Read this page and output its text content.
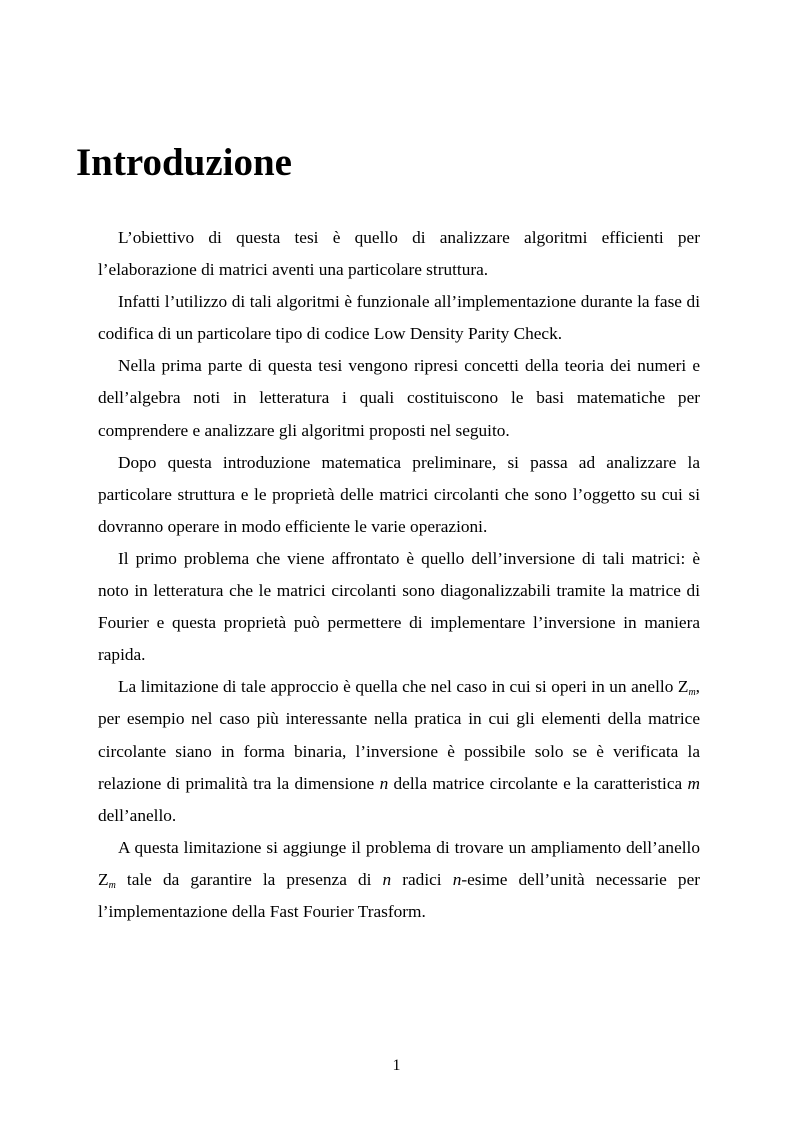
Introduzione

L’obiettivo di questa tesi è quello di analizzare algoritmi efficienti per l’elaborazione di matrici aventi una particolare struttura.

Infatti l’utilizzo di tali algoritmi è funzionale all’implementazione durante la fase di codifica di un particolare tipo di codice Low Density Parity Check.

Nella prima parte di questa tesi vengono ripresi concetti della teoria dei numeri e dell’algebra noti in letteratura i quali costituiscono le basi matematiche per comprendere e analizzare gli algoritmi proposti nel seguito.

Dopo questa introduzione matematica preliminare, si passa ad analizzare la particolare struttura e le proprietà delle matrici circolanti che sono l’oggetto su cui si dovranno operare in modo efficiente le varie operazioni.

Il primo problema che viene affrontato è quello dell’inversione di tali matrici: è noto in letteratura che le matrici circolanti sono diagonalizzabili tramite la matrice di Fourier e questa proprietà può permettere di implementare l’inversione in maniera rapida.

La limitazione di tale approccio è quella che nel caso in cui si operi in un anello $Z_m$, per esempio nel caso più interessante nella pratica in cui gli elementi della matrice circolante siano in forma binaria, l’inversione è possibile solo se è verificata la relazione di primalità tra la dimensione n della matrice circolante e la caratteristica m dell’anello.

A questa limitazione si aggiunge il problema di trovare un ampliamento dell’anello $Z_m$ tale da garantire la presenza di n radici n-esime dell’unità necessarie per l’implementazione della Fast Fourier Trasform.

1
